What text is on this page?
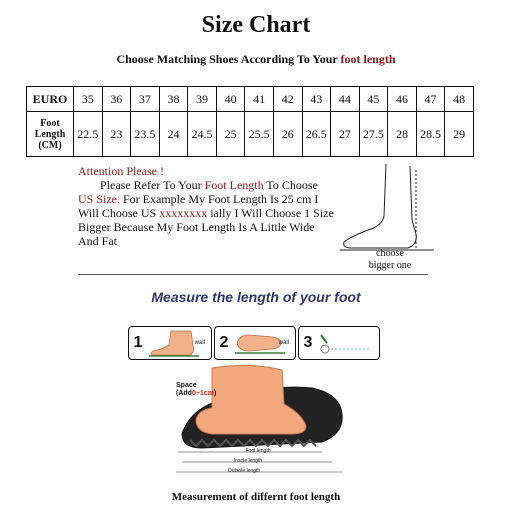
Size Chart
Choose Matching Shoes According To Your foot length
EURO	35	36	37	38	39	40	41	42	43	44	45	46	47	48
Foot
Length
(CM)	22.5	23	23.5	24	24.5	25	25.5	26	26.5	27	27.5	28	28.5	29
Attention Please !
Please Refer To Your Foot Length To Choose
US Size. For Example My Foot Length Is 25 cm I
Will Choose US xxxxxxxx ially I Will Choose 1 Size
Bigger Because My Foot Length Is A Little Wide
And Fat
choose
bigger one
Measure the length of your foot
1	wall 2	wall 3
Space
(Add0~1cm)
Foot length
Insole length
Outsole length
Measurement of differnt foot length
